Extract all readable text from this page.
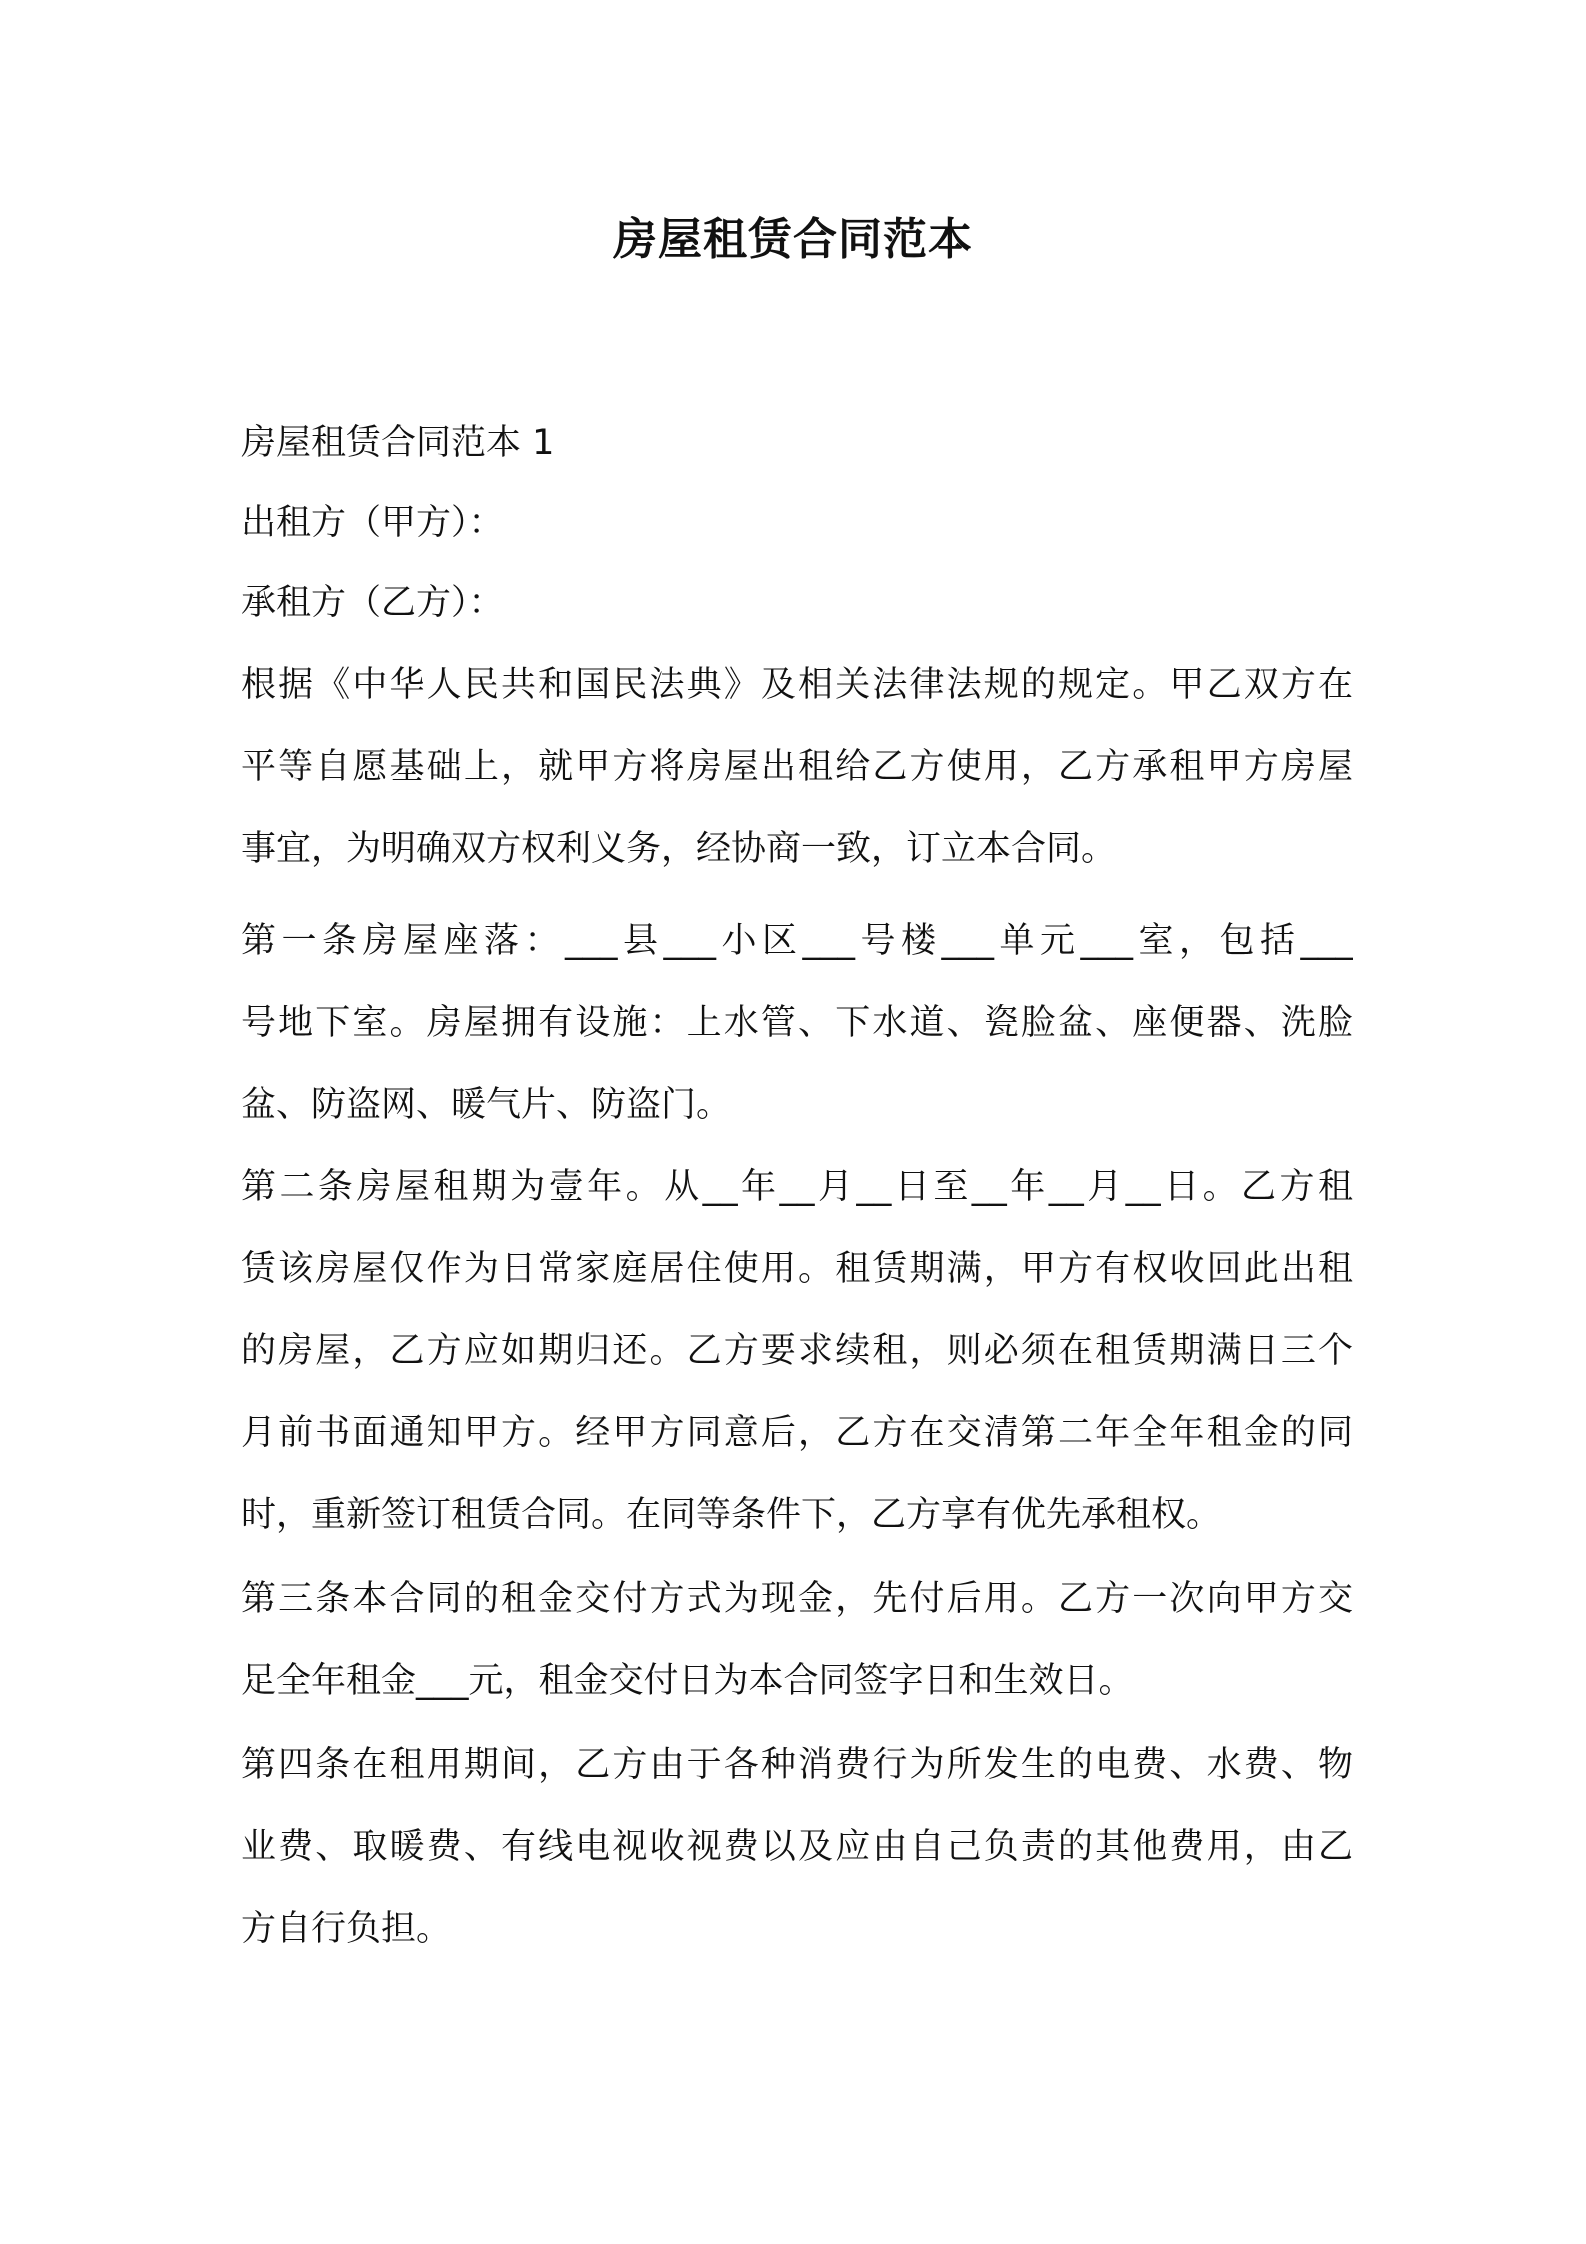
房屋租赁合同范本

房屋租赁合同范本 1

出租方（甲方）：

承租方（乙方）：

根据《中华人民共和国民法典》及相关法律法规的规定。甲乙双方在

平等自愿基础上，就甲方将房屋出租给乙方使用，乙方承租甲方房屋

事宜，为明确双方权利义务，经协商一致，订立本合同。

第一条房屋座落：___县___小区___号楼___单元___室，包括___

号地下室。房屋拥有设施：上水管、下水道、瓷脸盆、座便器、洗脸

盆、防盗网、暖气片、防盗门。

第二条房屋租期为壹年。从__年__月__日至__年__月__日。乙方租

赁该房屋仅作为日常家庭居住使用。租赁期满，甲方有权收回此出租

的房屋，乙方应如期归还。乙方要求续租，则必须在租赁期满日三个

月前书面通知甲方。经甲方同意后，乙方在交清第二年全年租金的同

时，重新签订租赁合同。在同等条件下，乙方享有优先承租权。

第三条本合同的租金交付方式为现金，先付后用。乙方一次向甲方交

足全年租金___元，租金交付日为本合同签字日和生效日。

第四条在租用期间，乙方由于各种消费行为所发生的电费、水费、物

业费、取暖费、有线电视收视费以及应由自己负责的其他费用，由乙

方自行负担。
